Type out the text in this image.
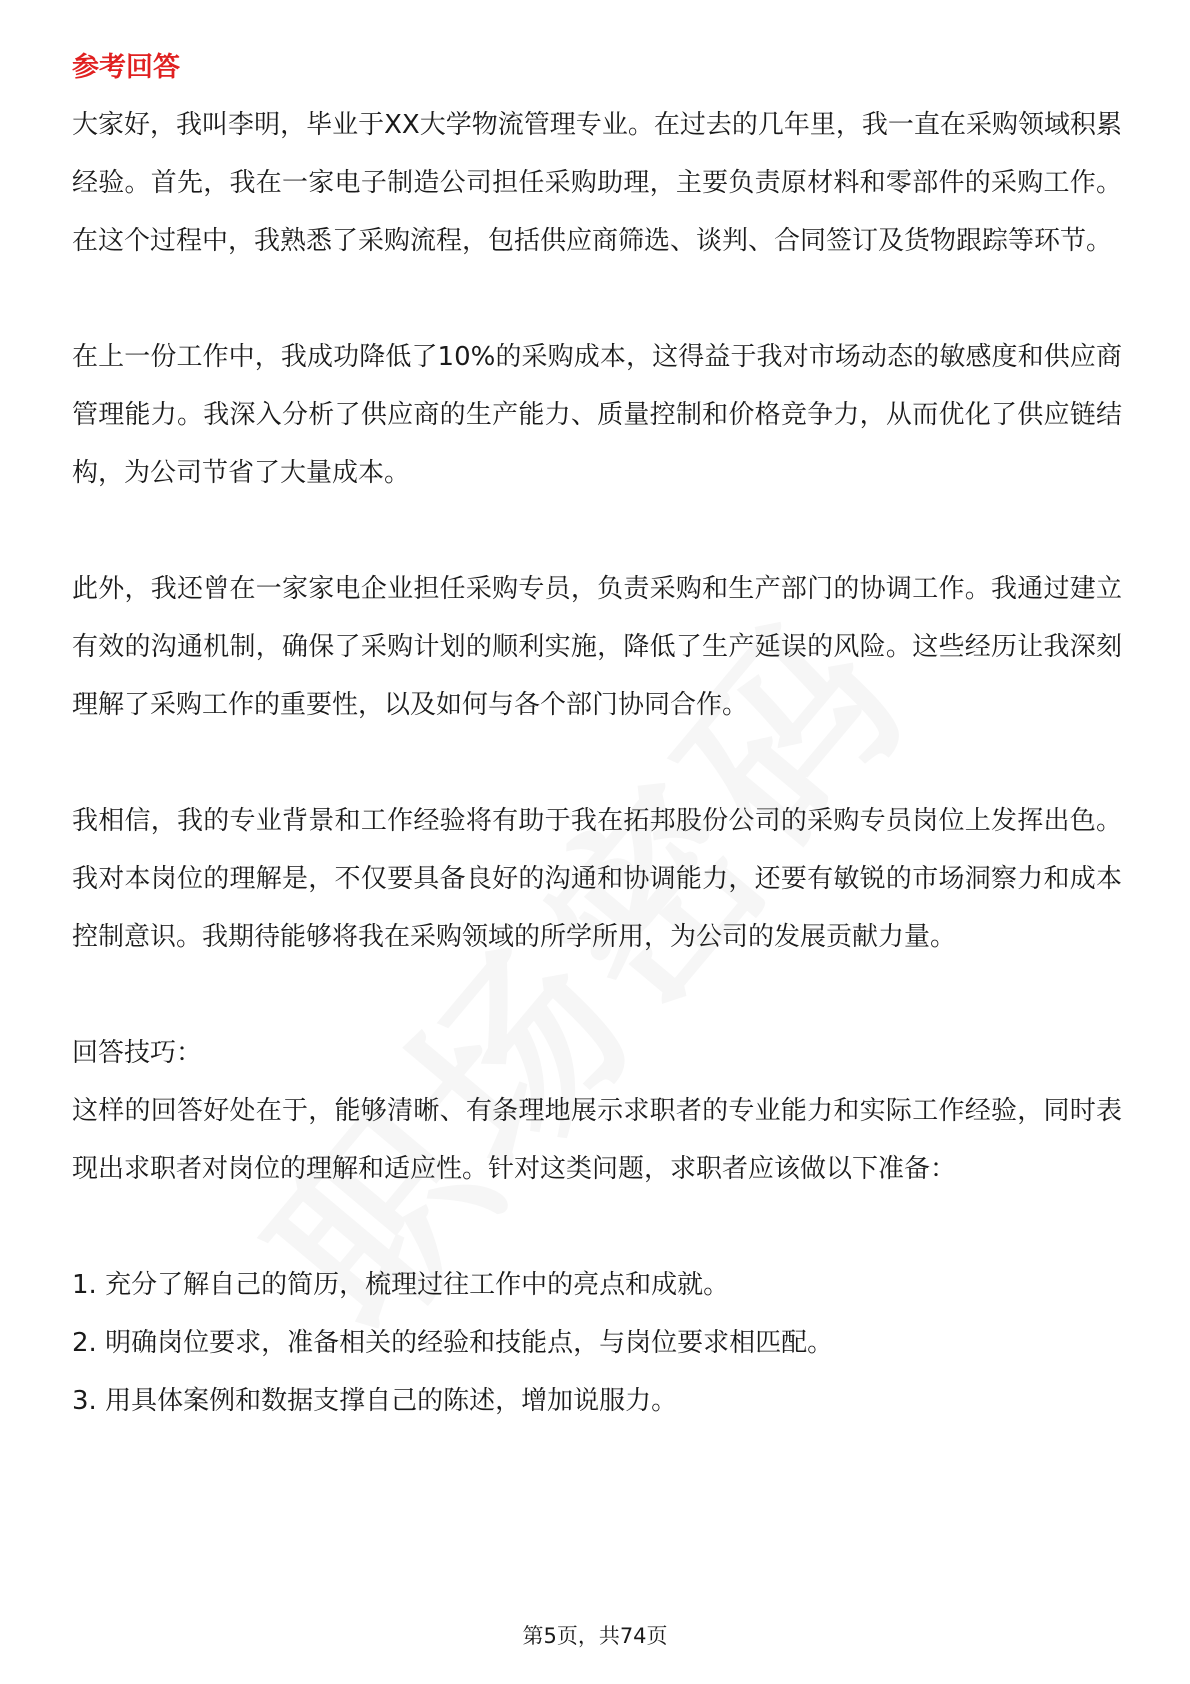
参考回答

大家好，我叫李明，毕业于XX大学物流管理专业。在过去的几年里，我一直在采购领域积累经验。首先，我在一家电子制造公司担任采购助理，主要负责原材料和零部件的采购工作。在这个过程中，我熟悉了采购流程，包括供应商筛选、谈判、合同签订及货物跟踪等环节。

在上一份工作中，我成功降低了10%的采购成本，这得益于我对市场动态的敏感度和供应商管理能力。我深入分析了供应商的生产能力、质量控制和价格竞争力，从而优化了供应链结构，为公司节省了大量成本。

此外，我还曾在一家家电企业担任采购专员，负责采购和生产部门的协调工作。我通过建立有效的沟通机制，确保了采购计划的顺利实施，降低了生产延误的风险。这些经历让我深刻理解了采购工作的重要性，以及如何与各个部门协同合作。

我相信，我的专业背景和工作经验将有助于我在拓邦股份公司的采购专员岗位上发挥出色。我对本岗位的理解是，不仅要具备良好的沟通和协调能力，还要有敏锐的市场洞察力和成本控制意识。我期待能够将我在采购领域的所学所用，为公司的发展贡献力量。

回答技巧：

这样的回答好处在于，能够清晰、有条理地展示求职者的专业能力和实际工作经验，同时表现出求职者对岗位的理解和适应性。针对这类问题，求职者应该做以下准备：

1. 充分了解自己的简历，梳理过往工作中的亮点和成就。

2. 明确岗位要求，准备相关的经验和技能点，与岗位要求相匹配。

3. 用具体案例和数据支撑自己的陈述，增加说服力。

第5页，共74页
